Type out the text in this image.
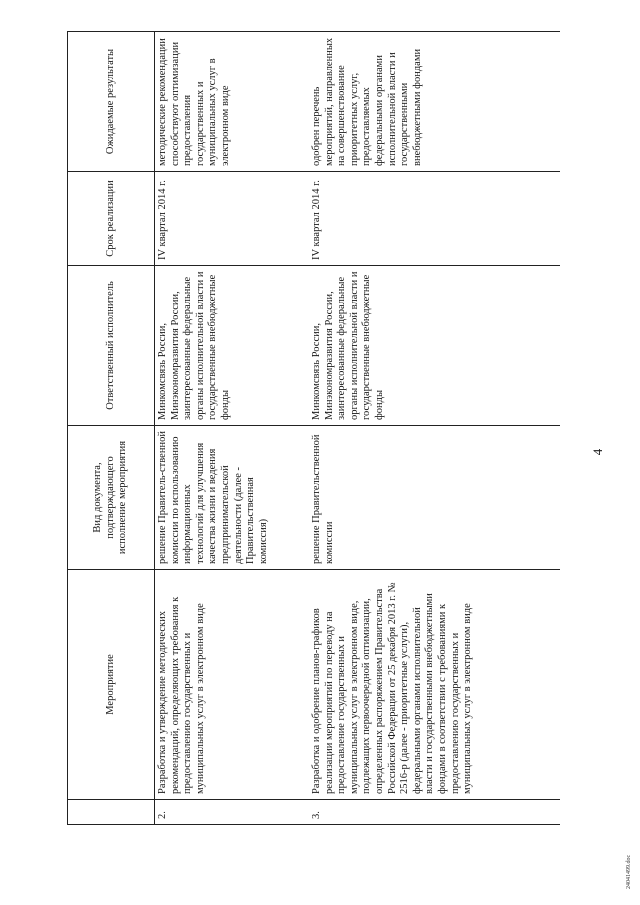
4
	Мероприятие	Вид документа, подтверждающего исполнение мероприятия	Ответственный исполнитель	Срок реализации	Ожидаемые результаты
2.	Разработка и утверждение методических рекомендаций, определяющих требования к предоставлению государственных и муниципальных услуг в электронном виде	решение Правитель-ственной комиссии по использованию информационных технологий для улучшения качества жизни и ведения предпринимательской деятельности (далее - Правительственная комиссия)	Минкомсвязь России, Минэкономразвития России, заинтересованные федеральные органы исполнительной власти и государственные внебюджетные фонды	IV квартал 2014 г.	методические рекомендации способствуют оптимизации предоставления государственных и муниципальных услуг в электронном виде
3.	Разработка и одобрение планов-графиков реализации мероприятий по переводу на предоставление государственных и муниципальных услуг в электронном виде, подлежащих первоочередной оптимизации, определенных распоряжением Правительства Российской Федерации от 25 декабря 2013 г. № 2516-р (далее - приоритетные услуги), федеральными органами исполнительной власти и государственными внебюджетными фондами в соответствии с требованиями к предоставлению государственных и муниципальных услуг в электронном виде	решение Правительственной комиссии	Минкомсвязь России, Минэкономразвития России, заинтересованные федеральные органы исполнительной власти и государственные внебюджетные фонды	IV квартал 2014 г.	одобрен перечень мероприятий, направленных на совершенствование приоритетных услуг, предоставляемых федеральными органами исполнительной власти и государственными внебюджетными фондами
24041499.doc
